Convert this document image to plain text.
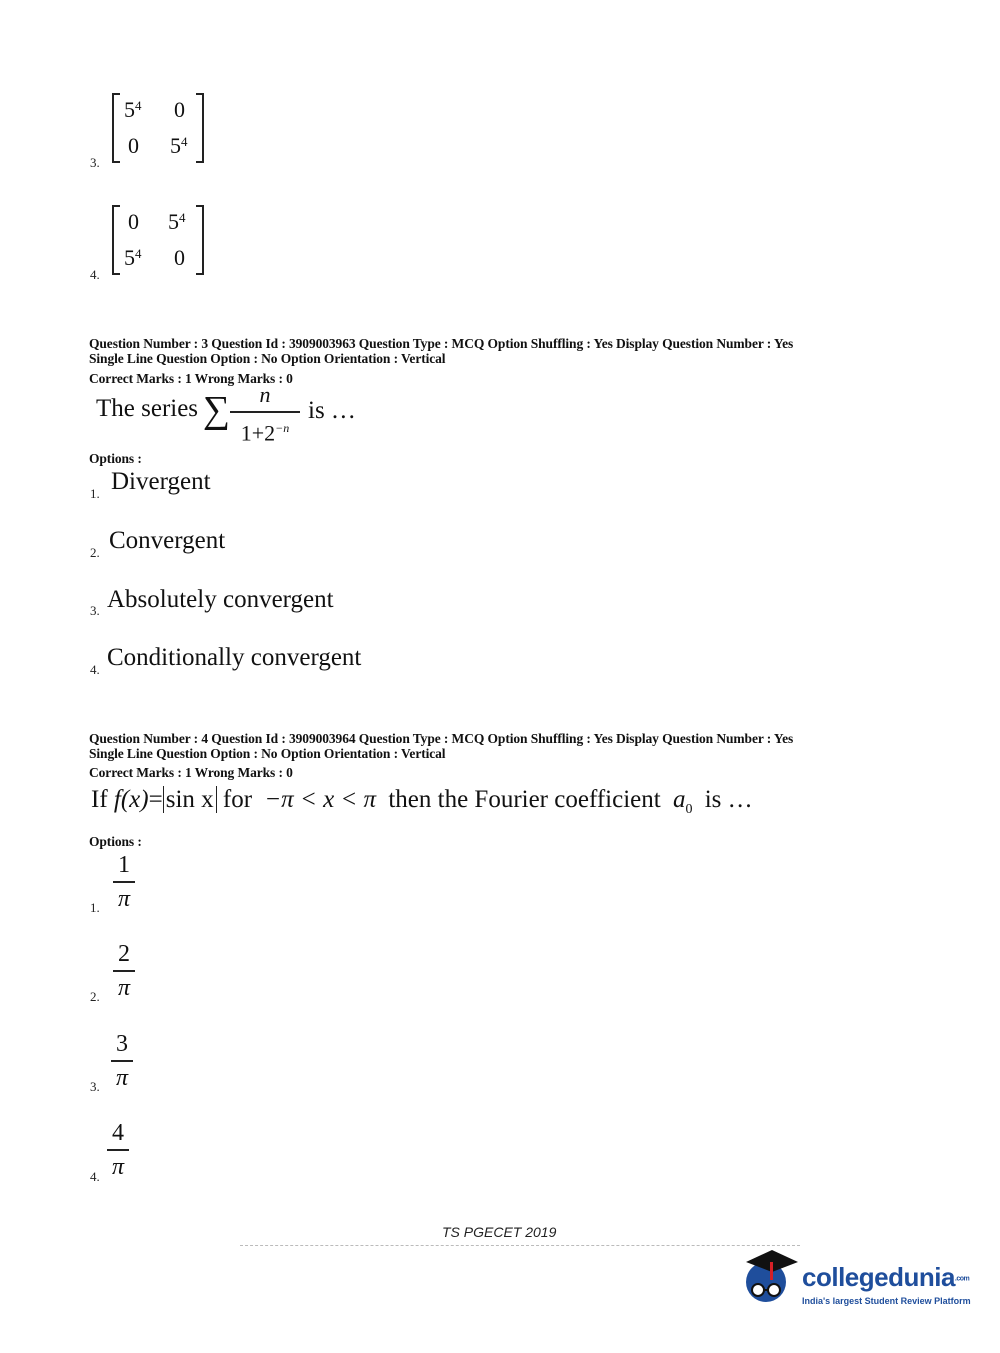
3.
$5^4$ 0
0 $5^4$
4.
0 $5^4$
$5^4$ 0
Question Number : 3 Question Id : 3909003963 Question Type : MCQ Option Shuffling : Yes Display Question Number : Yes
Single Line Question Option : No Option Orientation : Vertical
Correct Marks : 1 Wrong Marks : 0
The series ∑	n
$1+2^{-n}$
is …
Options :
1. Divergent
2. Convergent
3. Absolutely convergent
4. Conditionally convergent
Question Number : 4 Question Id : 3909003964 Question Type : MCQ Option Shuffling : Yes Display Question Number : Yes
Single Line Question Option : No Option Orientation : Vertical
Correct Marks : 1 Wrong Marks : 0
If f(x)= sin x for −π < x < π then the Fourier coefficient $a_0$ is …
Options :
1.
1
π
2.
2
π
3.
3
π
4.
4
π
TS PGECET 2019
collegedunia.com
India's largest Student Review Platform
